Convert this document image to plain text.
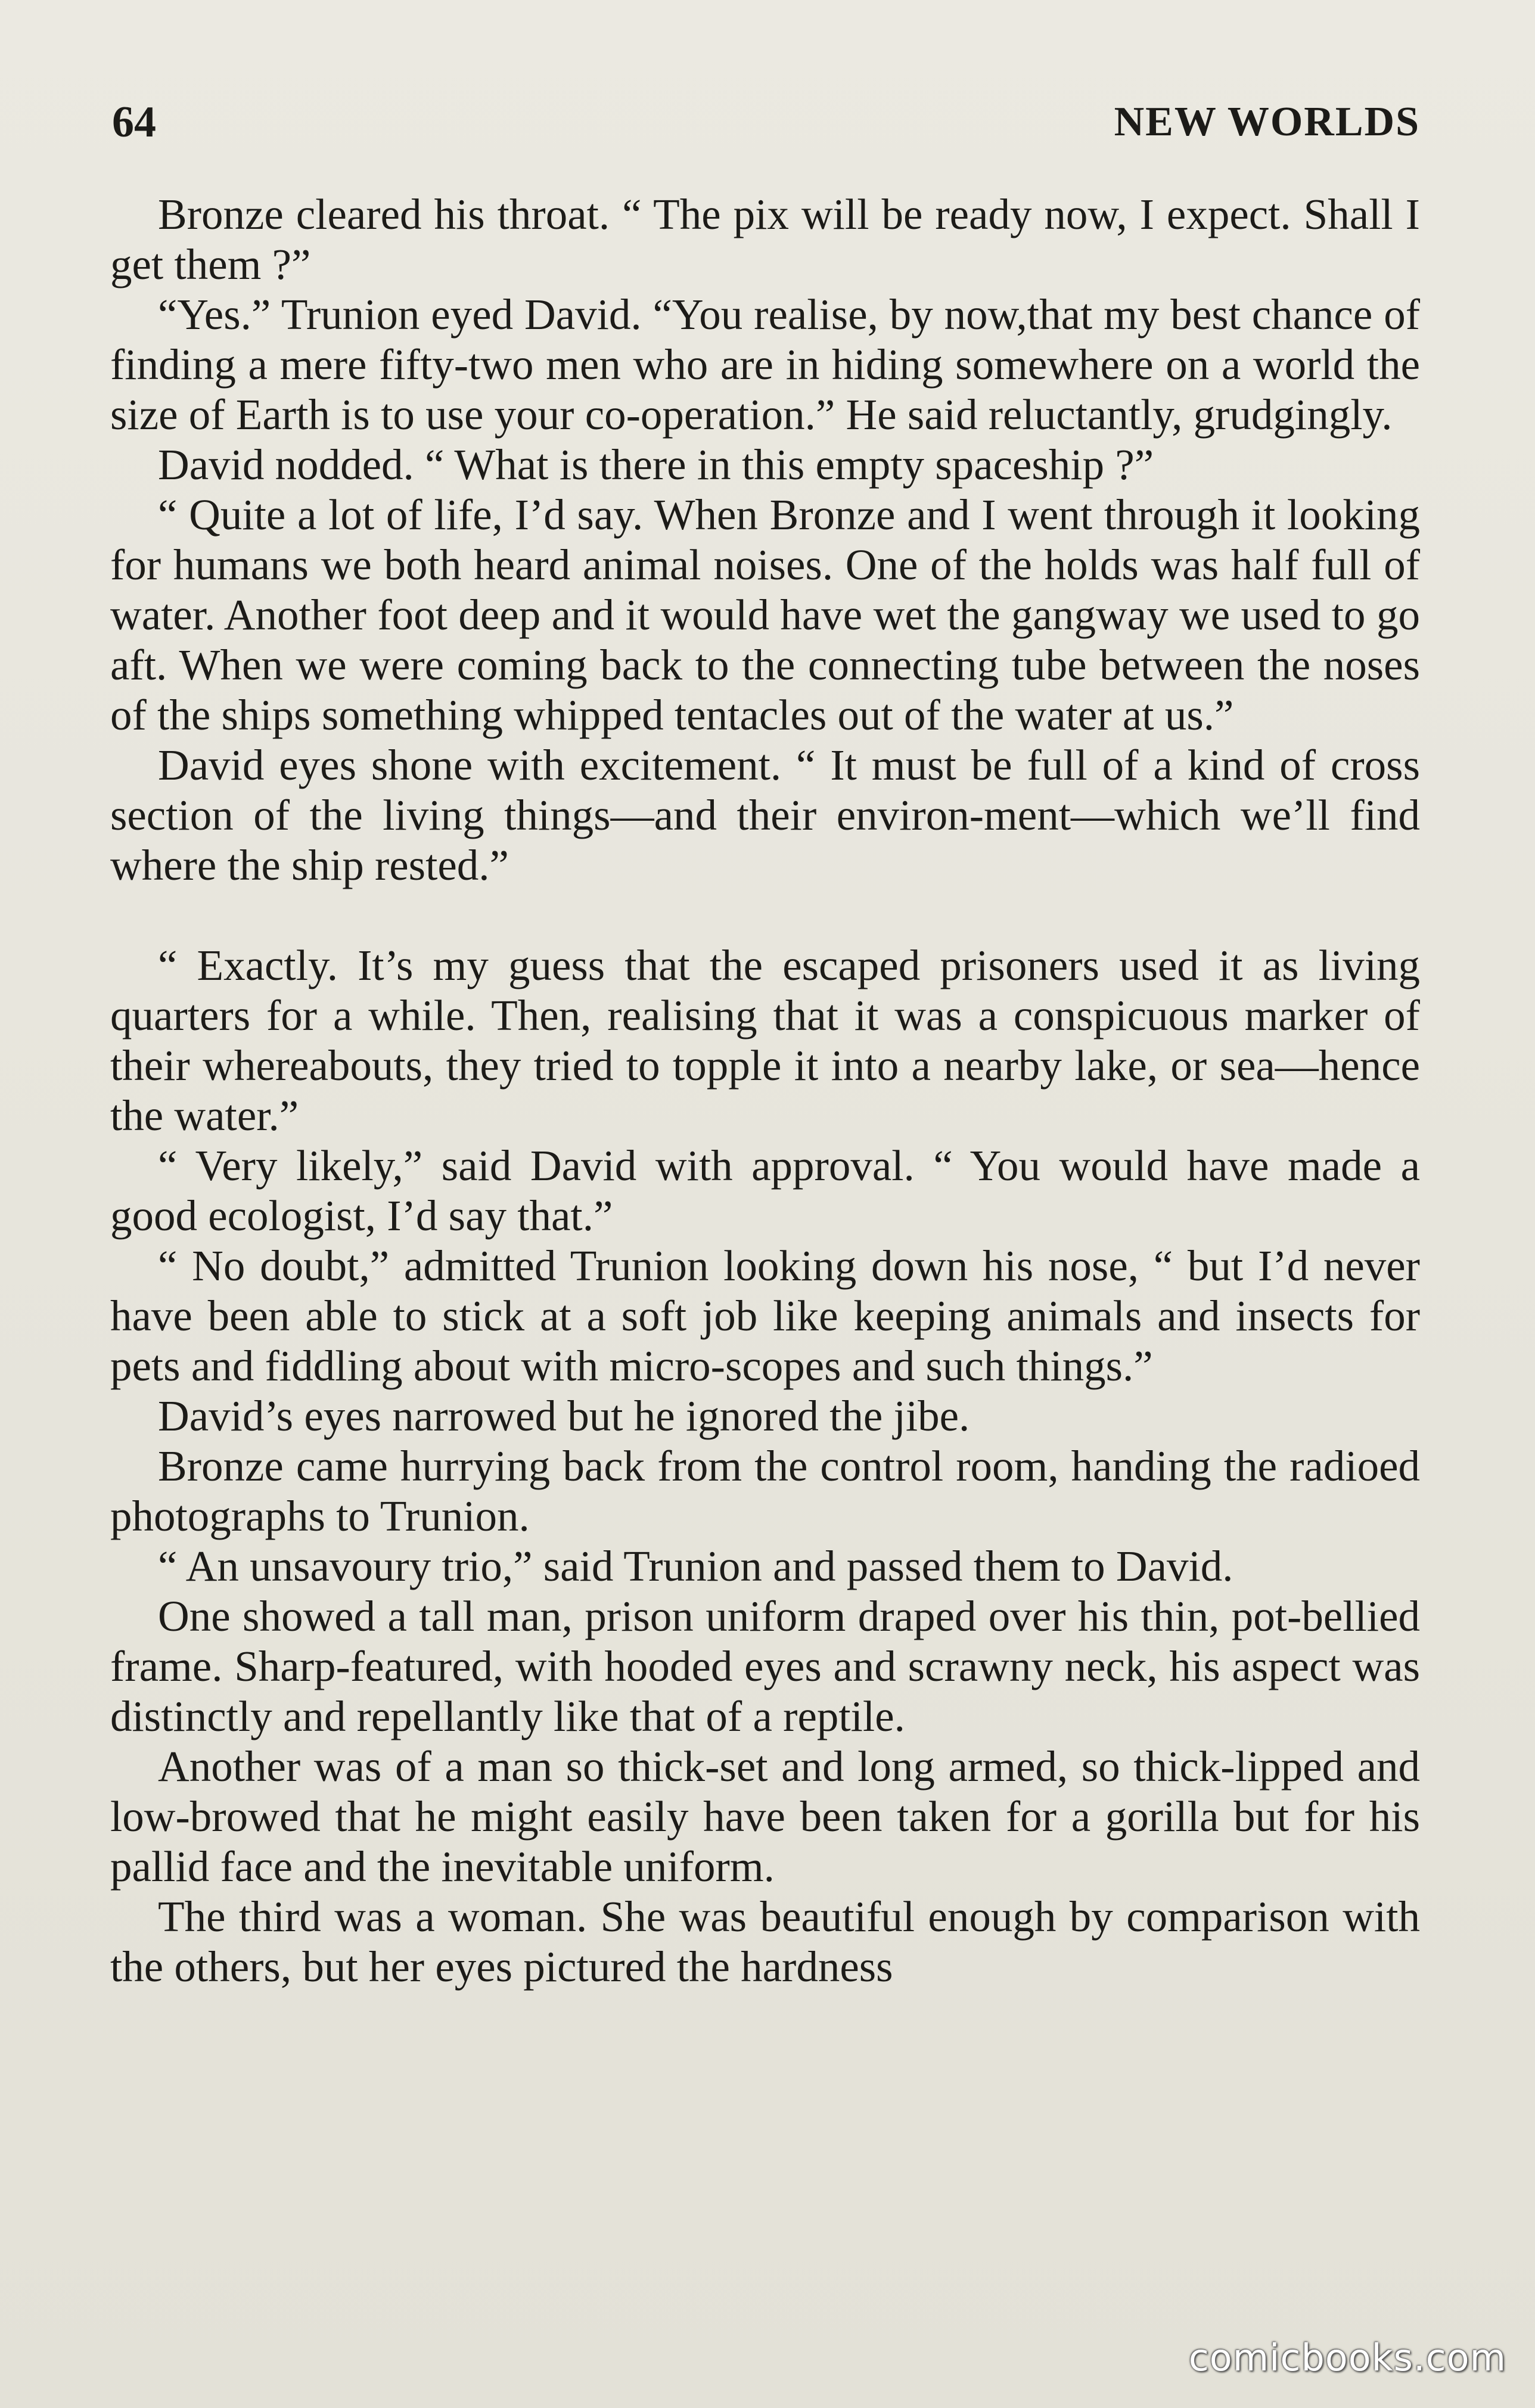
64	NEW WORLDS

Bronze cleared his throat. “ The pix will be ready now, I expect. Shall I get them ?”

“Yes.” Trunion eyed David. “You realise, by now,that my best chance of finding a mere fifty-two men who are in hiding somewhere on a world the size of Earth is to use your co-operation.” He said reluctantly, grudgingly.

David nodded. “ What is there in this empty spaceship ?”

“ Quite a lot of life, I’d say. When Bronze and I went through it looking for humans we both heard animal noises. One of the holds was half full of water. Another foot deep and it would have wet the gangway we used to go aft. When we were coming back to the connecting tube between the noses of the ships something whipped tentacles out of the water at us.”

David eyes shone with excitement. “ It must be full of a kind of cross section of the living things—and their environ-ment—which we’ll find where the ship rested.”

“ Exactly. It’s my guess that the escaped prisoners used it as living quarters for a while. Then, realising that it was a conspicuous marker of their whereabouts, they tried to topple it into a nearby lake, or sea—hence the water.”

“ Very likely,” said David with approval. “ You would have made a good ecologist, I’d say that.”

“ No doubt,” admitted Trunion looking down his nose, “ but I’d never have been able to stick at a soft job like keeping animals and insects for pets and fiddling about with micro-scopes and such things.”

David’s eyes narrowed but he ignored the jibe.

Bronze came hurrying back from the control room, handing the radioed photographs to Trunion.

“ An unsavoury trio,” said Trunion and passed them to David.

One showed a tall man, prison uniform draped over his thin, pot-bellied frame. Sharp-featured, with hooded eyes and scrawny neck, his aspect was distinctly and repellantly like that of a reptile.

Another was of a man so thick-set and long armed, so thick-lipped and low-browed that he might easily have been taken for a gorilla but for his pallid face and the inevitable uniform.

The third was a woman. She was beautiful enough by comparison with the others, but her eyes pictured the hardness

comicbooks.com
